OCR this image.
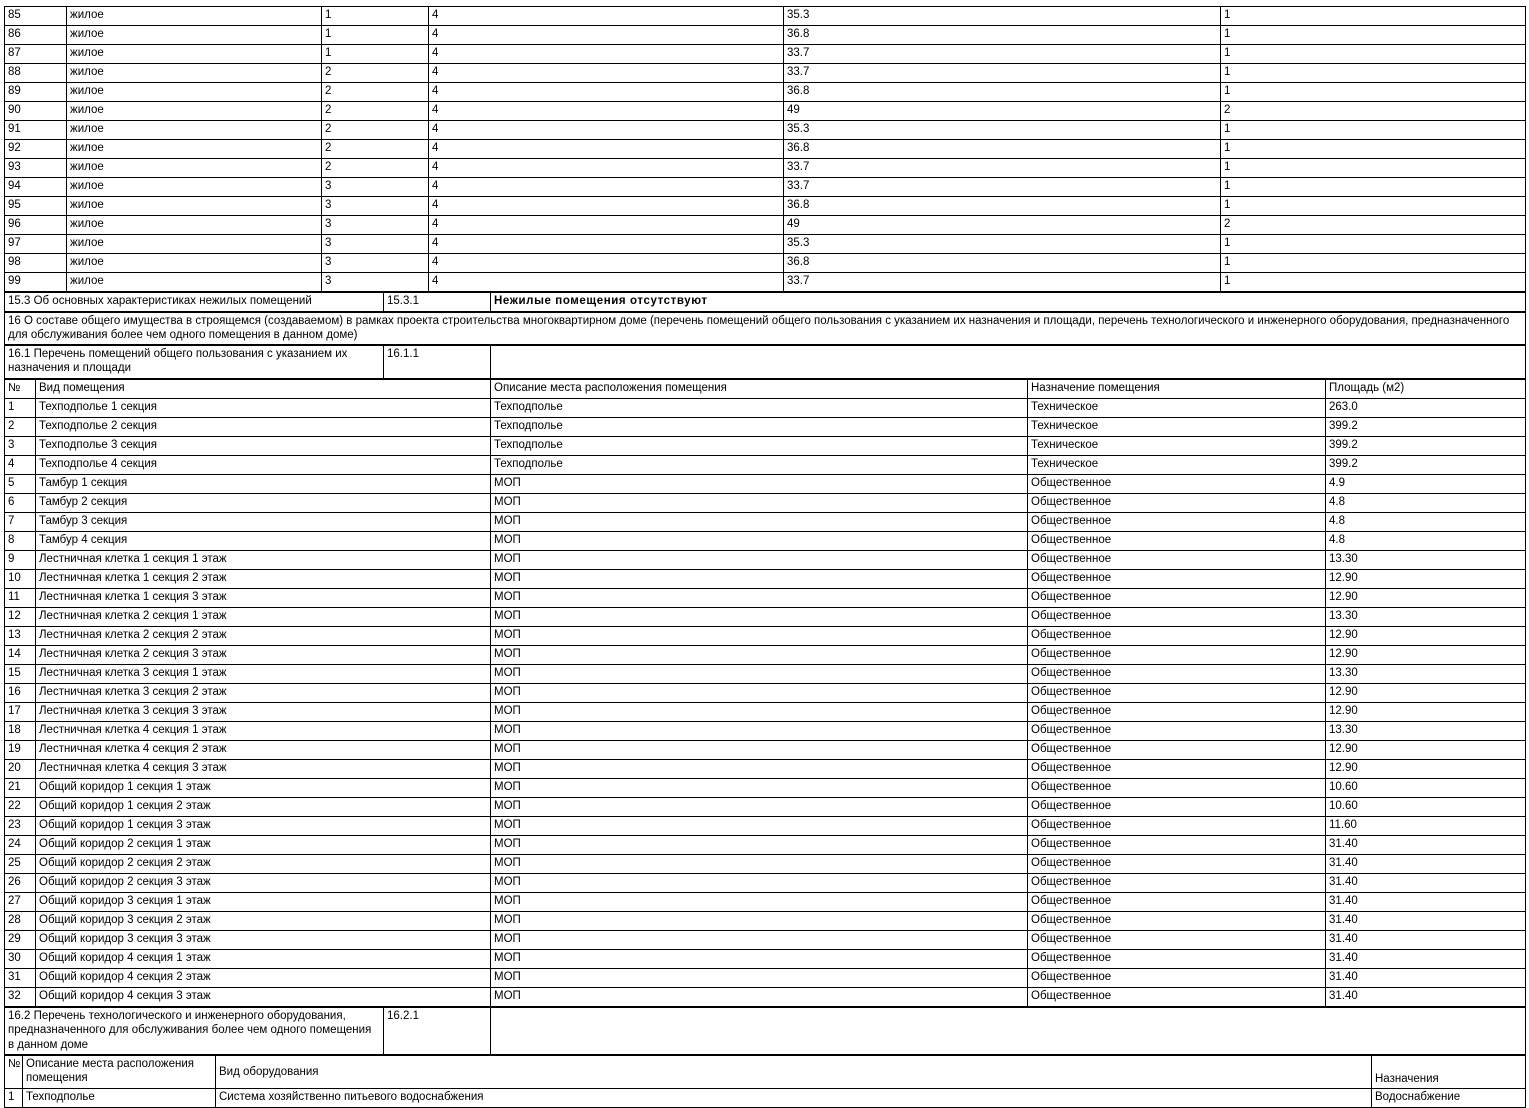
85	жилое	1	4	35.3	1
86	жилое	1	4	36.8	1
87	жилое	1	4	33.7	1
88	жилое	2	4	33.7	1
89	жилое	2	4	36.8	1
90	жилое	2	4	49	2
91	жилое	2	4	35.3	1
92	жилое	2	4	36.8	1
93	жилое	2	4	33.7	1
94	жилое	3	4	33.7	1
95	жилое	3	4	36.8	1
96	жилое	3	4	49	2
97	жилое	3	4	35.3	1
98	жилое	3	4	36.8	1
99	жилое	3	4	33.7	1
15.3 Об основных характеристиках нежилых помещений	15.3.1	Нежилые помещения отсутствуют
16 О составе общего имущества в строящемся (создаваемом) в рамках проекта строительства многоквартирном доме (перечень помещений общего пользования с указанием их назначения и площади, перечень технологического и инженерного оборудования, предназначенного для обслуживания более чем одного помещения в данном доме)
16.1 Перечень помещений общего пользования с указанием их назначения и площади	16.1.1	
№	Вид помещения	Описание места расположения помещения	Назначение помещения	Площадь (м2)
1	Техподполье 1 секция	Техподполье	Техническое	263.0
2	Техподполье 2 секция	Техподполье	Техническое	399.2
3	Техподполье 3 секция	Техподполье	Техническое	399.2
4	Техподполье 4 секция	Техподполье	Техническое	399.2
5	Тамбур 1 секция	МОП	Общественное	4.9
6	Тамбур 2 секция	МОП	Общественное	4.8
7	Тамбур 3 секция	МОП	Общественное	4.8
8	Тамбур 4 секция	МОП	Общественное	4.8
9	Лестничная клетка 1 секция 1 этаж	МОП	Общественное	13.30
10	Лестничная клетка 1 секция 2 этаж	МОП	Общественное	12.90
11	Лестничная клетка 1 секция 3 этаж	МОП	Общественное	12.90
12	Лестничная клетка 2 секция 1 этаж	МОП	Общественное	13.30
13	Лестничная клетка 2 секция 2 этаж	МОП	Общественное	12.90
14	Лестничная клетка 2 секция 3 этаж	МОП	Общественное	12.90
15	Лестничная клетка 3 секция 1 этаж	МОП	Общественное	13.30
16	Лестничная клетка 3 секция 2 этаж	МОП	Общественное	12.90
17	Лестничная клетка 3 секция 3 этаж	МОП	Общественное	12.90
18	Лестничная клетка 4 секция 1 этаж	МОП	Общественное	13.30
19	Лестничная клетка 4 секция 2 этаж	МОП	Общественное	12.90
20	Лестничная клетка 4 секция 3 этаж	МОП	Общественное	12.90
21	Общий коридор 1 секция 1 этаж	МОП	Общественное	10.60
22	Общий коридор 1 секция 2 этаж	МОП	Общественное	10.60
23	Общий коридор 1 секция 3 этаж	МОП	Общественное	11.60
24	Общий коридор 2 секция 1 этаж	МОП	Общественное	31.40
25	Общий коридор 2 секция 2 этаж	МОП	Общественное	31.40
26	Общий коридор 2 секция 3 этаж	МОП	Общественное	31.40
27	Общий коридор 3 секция 1 этаж	МОП	Общественное	31.40
28	Общий коридор 3 секция 2 этаж	МОП	Общественное	31.40
29	Общий коридор 3 секция 3 этаж	МОП	Общественное	31.40
30	Общий коридор 4 секция 1 этаж	МОП	Общественное	31.40
31	Общий коридор 4 секция 2 этаж	МОП	Общественное	31.40
32	Общий коридор 4 секция 3 этаж	МОП	Общественное	31.40
16.2 Перечень технологического и инженерного оборудования, предназначенного для обслуживания более чем одного помещения в данном доме	16.2.1	
№	Описание места расположения помещения	Вид оборудования	Назначения
1	Техподполье	Система хозяйственно питьевого водоснабжения	Водоснабжение
